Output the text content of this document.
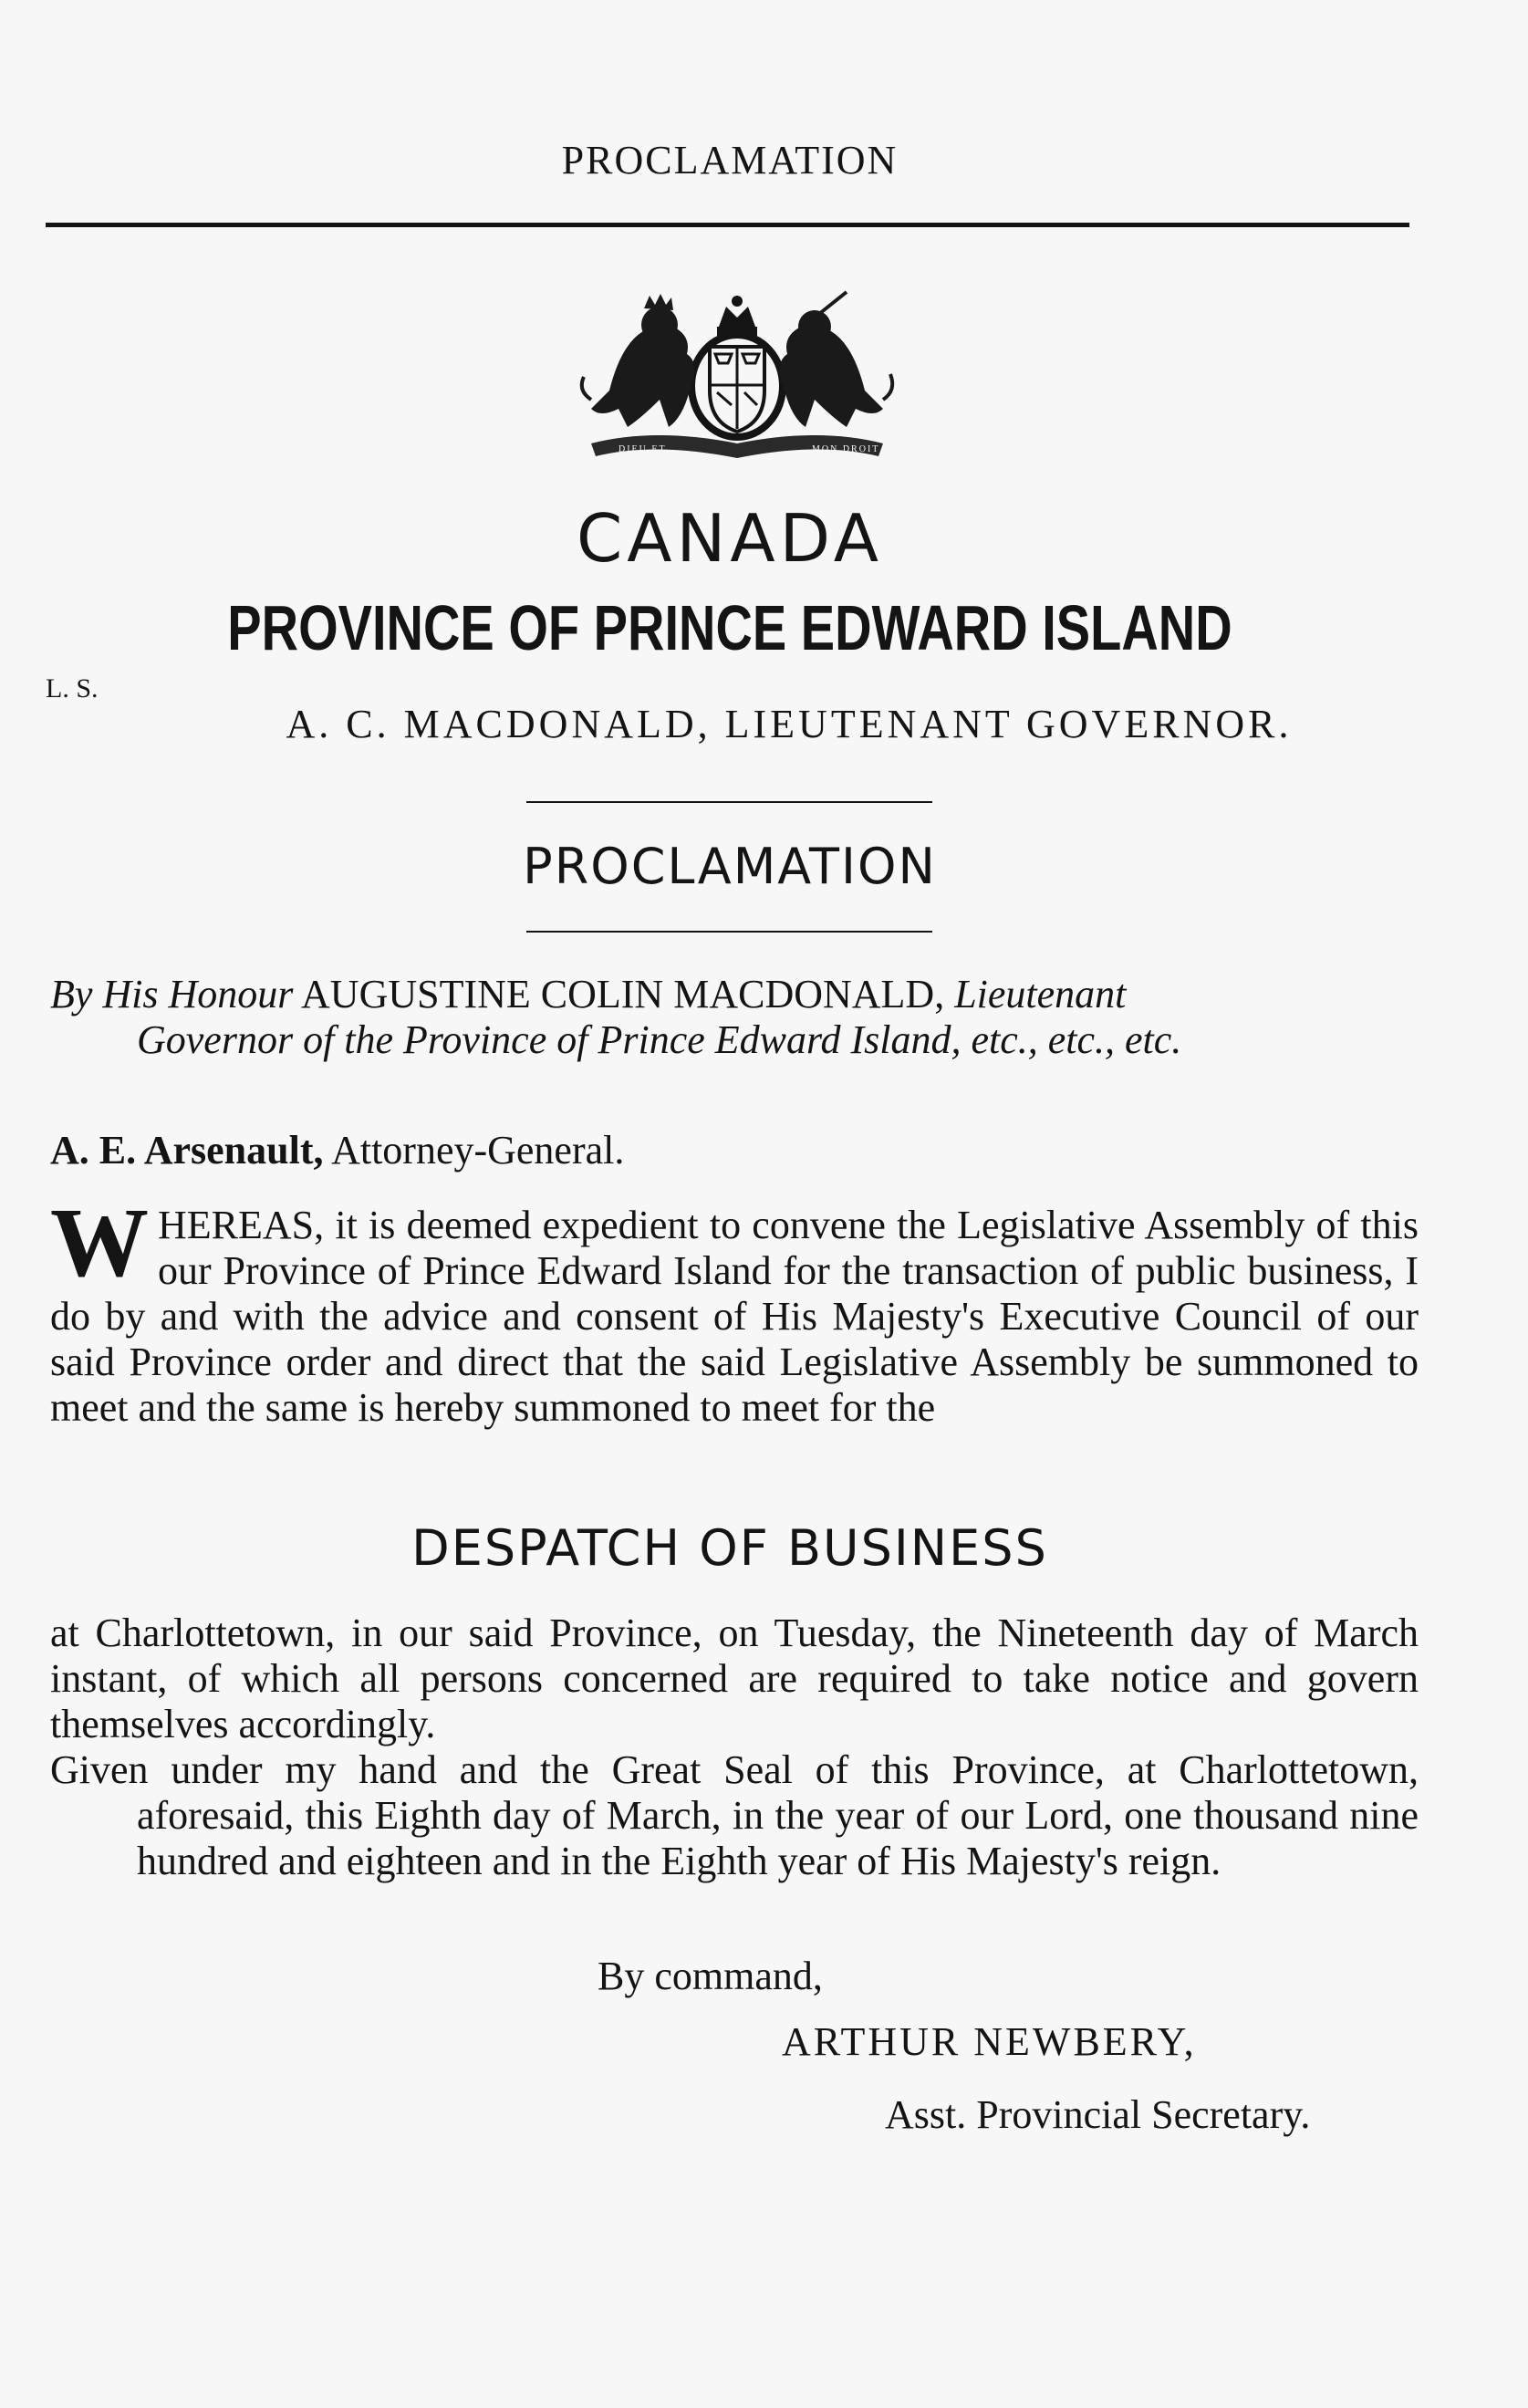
PROCLAMATION
DIEU ET	MON DROIT
CANADA
PROVINCE OF PRINCE EDWARD ISLAND
L. S.
A. C. MACDONALD, LIEUTENANT GOVERNOR.
PROCLAMATION
By His Honour AUGUSTINE COLIN MACDONALD, Lieutenant
Governor of the Province of Prince Edward Island, etc., etc., etc.
A. E. Arsenault, Attorney-General.
W HEREAS, it is deemed expedient to convene the Legislative Assembly of this our Province of Prince Edward Island for the transaction of public business, I do by and with the advice and consent of His Majesty's Executive Council of our said Province order and direct that the said Legislative Assembly be summoned to meet and the same is hereby summoned to meet for the
DESPATCH OF BUSINESS
at Charlottetown, in our said Province, on Tuesday, the Nineteenth day of March instant, of which all persons concerned are required to take notice and govern themselves accordingly.
Given under my hand and the Great Seal of this Province, at Charlottetown, aforesaid, this Eighth day of March, in the year of our Lord, one thousand nine hundred and eighteen and in the Eighth year of His Majesty's reign.
By command,
ARTHUR NEWBERY,
Asst. Provincial Secretary.
